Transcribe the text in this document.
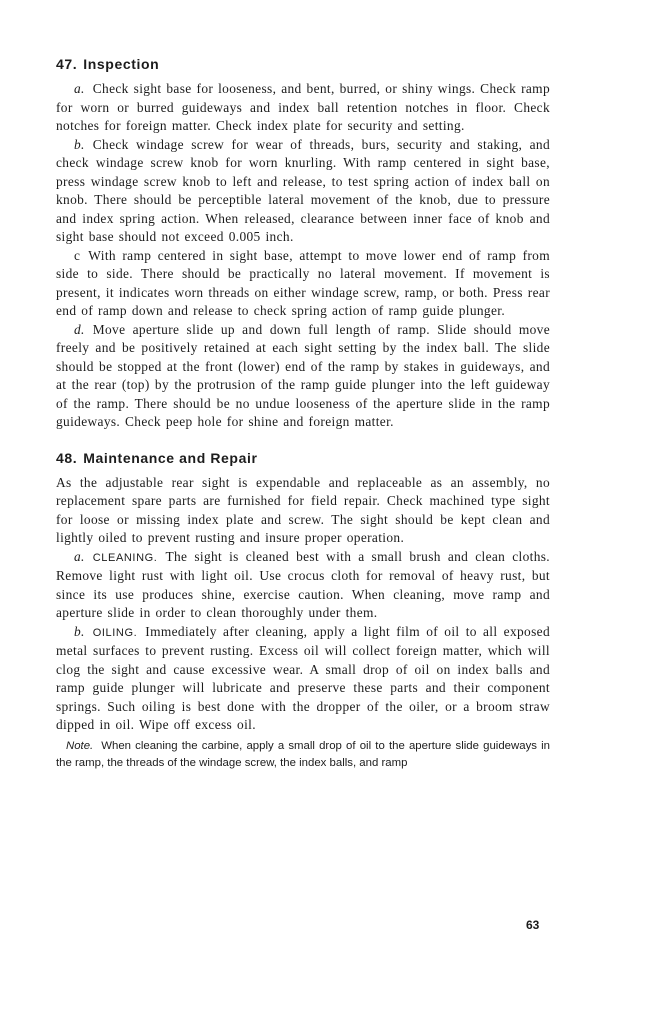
47. Inspection

a. Check sight base for looseness, and bent, burred, or shiny wings. Check ramp for worn or burred guideways and index ball retention notches in floor. Check notches for foreign matter. Check index plate for security and setting.

b. Check windage screw for wear of threads, burs, security and staking, and check windage screw knob for worn knurling. With ramp centered in sight base, press windage screw knob to left and release, to test spring action of index ball on knob. There should be perceptible lateral movement of the knob, due to pressure and index spring action. When released, clearance between inner face of knob and sight base should not exceed 0.005 inch.

c With ramp centered in sight base, attempt to move lower end of ramp from side to side. There should be practically no lateral movement. If movement is present, it indicates worn threads on either windage screw, ramp, or both. Press rear end of ramp down and release to check spring action of ramp guide plunger.

d. Move aperture slide up and down full length of ramp. Slide should move freely and be positively retained at each sight setting by the index ball. The slide should be stopped at the front (lower) end of the ramp by stakes in guideways, and at the rear (top) by the protrusion of the ramp guide plunger into the left guideway of the ramp. There should be no undue looseness of the aperture slide in the ramp guideways. Check peep hole for shine and foreign matter.

48. Maintenance and Repair

As the adjustable rear sight is expendable and replaceable as an assembly, no replacement spare parts are furnished for field repair. Check machined type sight for loose or missing index plate and screw. The sight should be kept clean and lightly oiled to prevent rusting and insure proper operation.

a. CLEANING. The sight is cleaned best with a small brush and clean cloths. Remove light rust with light oil. Use crocus cloth for removal of heavy rust, but since its use produces shine, exercise caution. When cleaning, move ramp and aperture slide in order to clean thoroughly under them.

b. OILING. Immediately after cleaning, apply a light film of oil to all exposed metal surfaces to prevent rusting. Excess oil will collect foreign matter, which will clog the sight and cause excessive wear. A small drop of oil on index balls and ramp guide plunger will lubricate and preserve these parts and their component springs. Such oiling is best done with the dropper of the oiler, or a broom straw dipped in oil. Wipe off excess oil.

Note. When cleaning the carbine, apply a small drop of oil to the aperture slide guideways in the ramp, the threads of the windage screw, the index balls, and ramp

63
